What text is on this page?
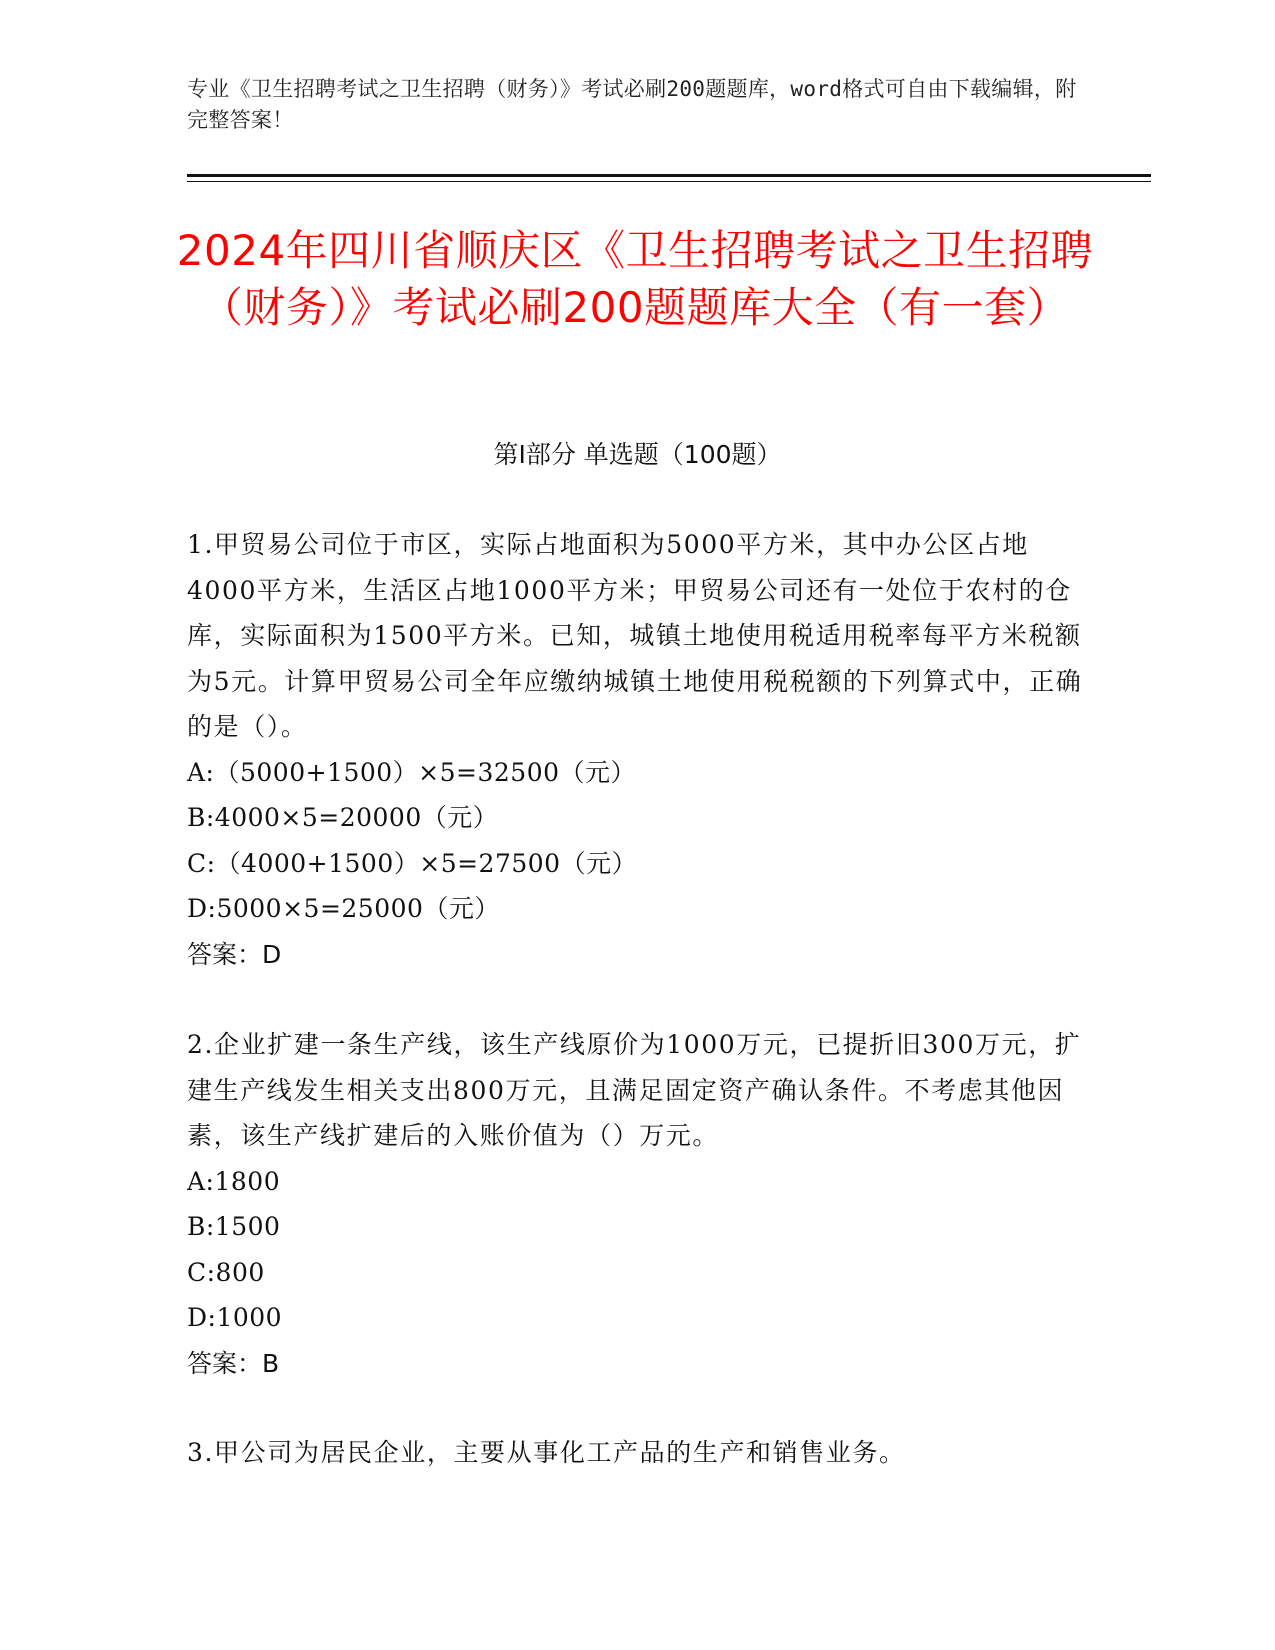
专业《卫生招聘考试之卫生招聘（财务）》考试必刷200题题库，word格式可自由下载编辑，附完整答案！
2024年四川省顺庆区《卫生招聘考试之卫生招聘（财务）》考试必刷200题题库大全（有一套）
第Ⅰ部分 单选题（100题）

1.甲贸易公司位于市区，实际占地面积为5000平方米，其中办公区占地4000平方米，生活区占地1000平方米；甲贸易公司还有一处位于农村的仓库，实际面积为1500平方米。已知，城镇土地使用税适用税率每平方米税额为5元。计算甲贸易公司全年应缴纳城镇土地使用税税额的下列算式中，正确的是（）。

A:（5000+1500）×5=32500（元）

B:4000×5=20000（元）

C:（4000+1500）×5=27500（元）

D:5000×5=25000（元）

答案：D

2.企业扩建一条生产线，该生产线原价为1000万元，已提折旧300万元，扩建生产线发生相关支出800万元，且满足固定资产确认条件。不考虑其他因素，该生产线扩建后的入账价值为（）万元。

A:1800

B:1500

C:800

D:1000

答案：B

3.甲公司为居民企业，主要从事化工产品的生产和销售业务。
